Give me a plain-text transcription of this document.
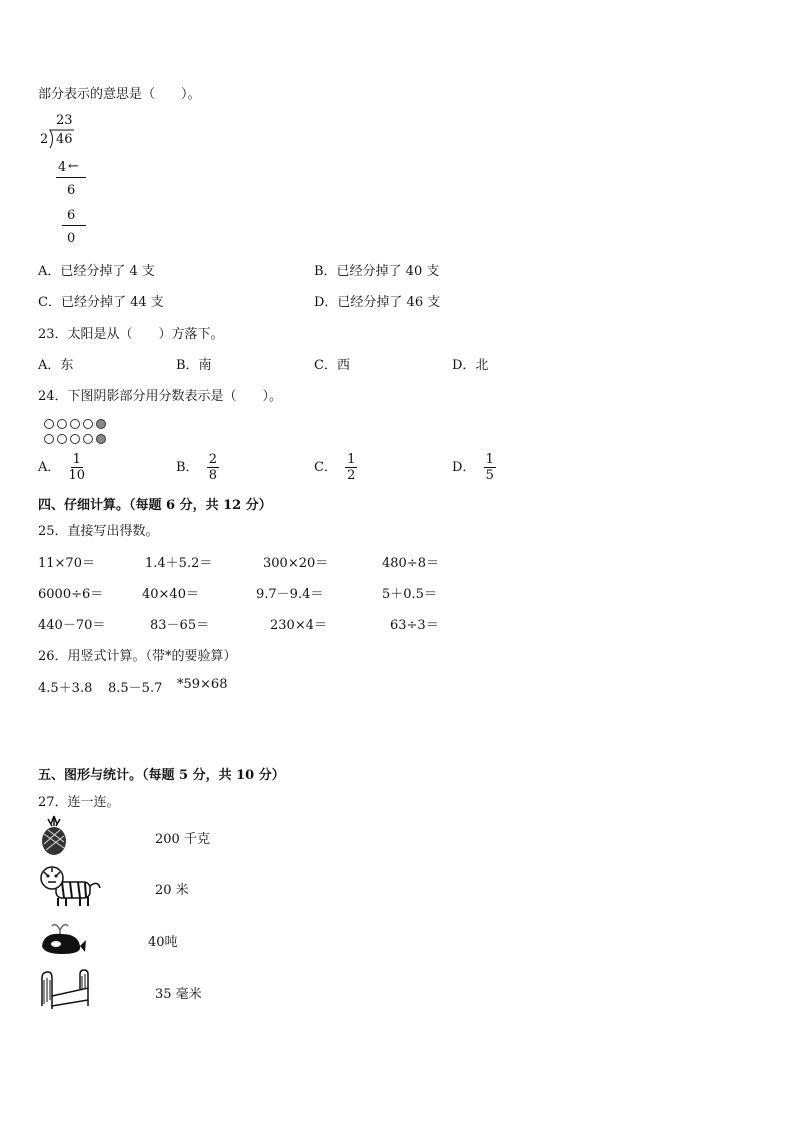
部分表示的意思是（　　）。
23
2 46
4 ←
6
6
0
A．已经分掉了 4 支	B．已经分掉了 40 支
C．已经分掉了 44 支	D．已经分掉了 46 支
23．太阳是从（　　）方落下。
A．东	B．南	C．西	D．北
24．下图阴影部分用分数表示是（　　）。
A． $\frac{1}{10}$	B． $\frac{2}{8}$	C． $\frac{1}{2}$	D． $\frac{1}{5}$
四、仔细计算。（每题 6 分，共 12 分）
25．直接写出得数。
11×70＝	1.4＋5.2＝	300×20＝	480÷8＝
6000÷6＝	40×40＝	9.7－9.4＝	5＋0.5＝
440－70＝	83－65＝	230×4＝	63÷3＝
26．用竖式计算。（带*的要验算）
4.5＋3.8 8.5－5.7 *59×68
五、图形与统计。（每题 5 分，共 10 分）
27．连一连。
200 千克
20 米
40吨
35 毫米
